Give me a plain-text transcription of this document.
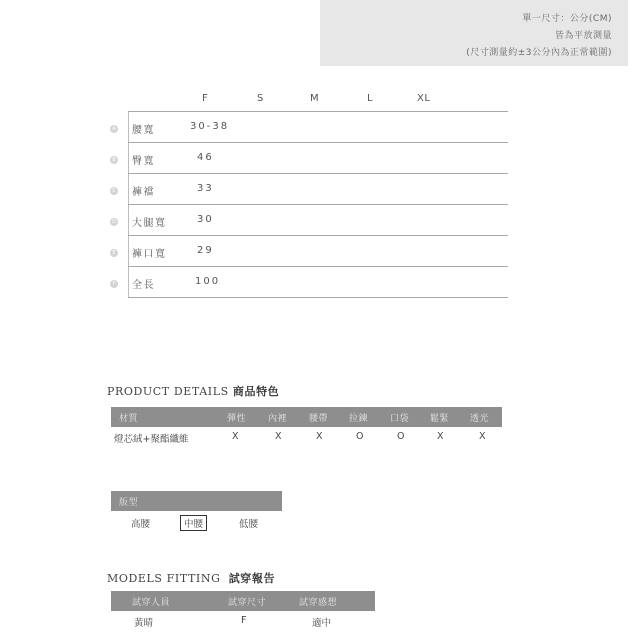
單一尺寸：公分(CM)
皆為平放測量
(尺寸測量約±3公分內為正常範圍)
F	S	M	L	XL
A 腰寬	30-38
B 臀寬	46
C 褲襠	33
D 大腿寬	30
E 褲口寬	29
F 全長	100
PRODUCT DETAILS 商品特色
材質	彈性 內裡 腰帶 拉鍊 口袋 鬆緊 透光
燈芯絨+聚酯纖維	X	X	X	O	O	X	X
版型
高腰	中腰	低腰
MODELS FITTING 試穿報告
試穿人員	試穿尺寸	試穿感想
黃晴	F	適中
